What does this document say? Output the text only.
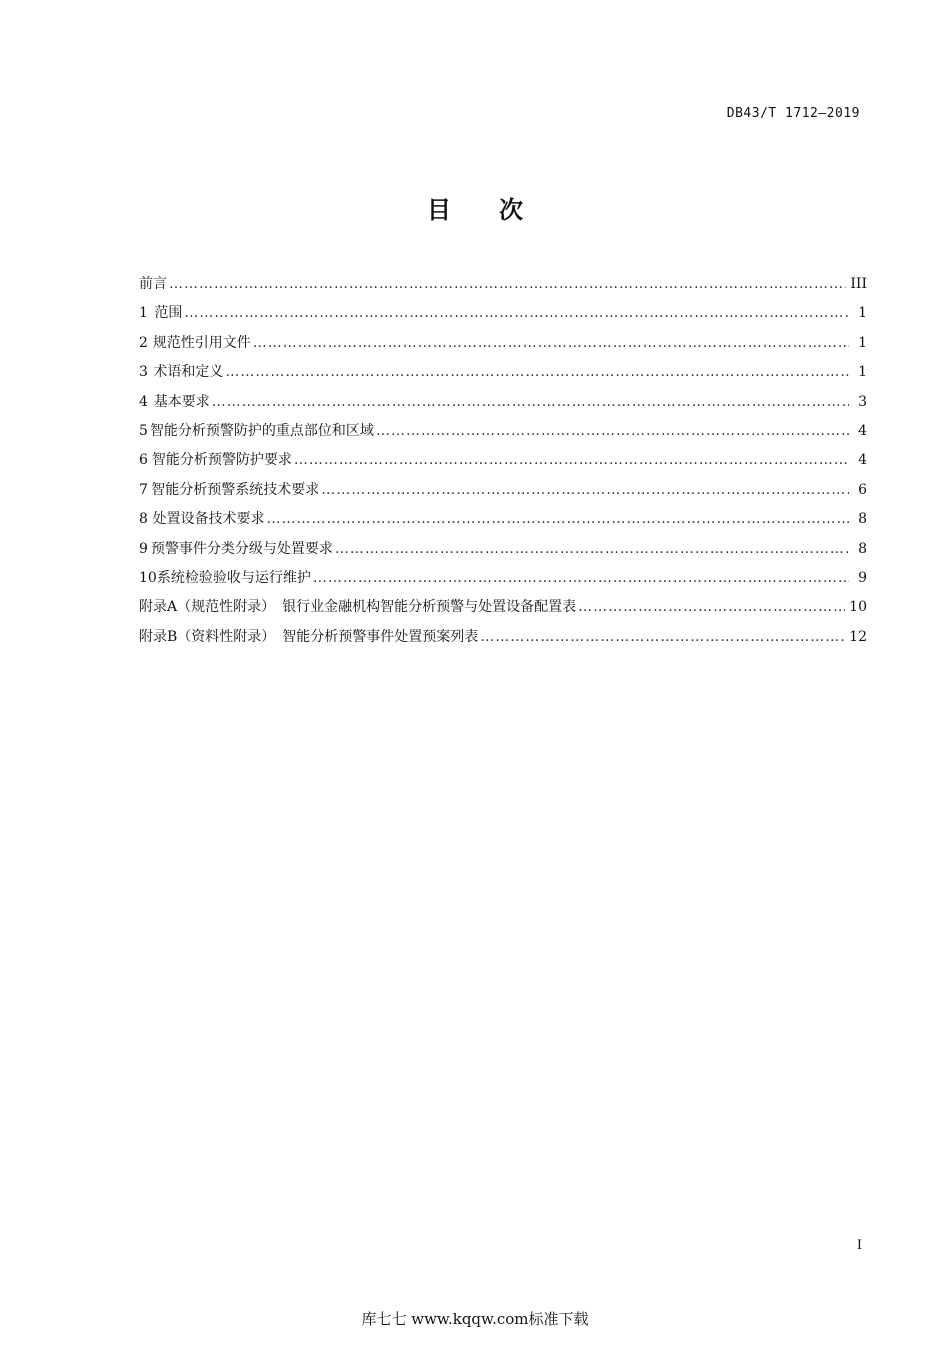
DB43/T 1712—2019
目　　次
前言 ………………………………………………………………………………………………………………………………………………………………………………………………………	III
1 范围 ………………………………………………………………………………………………………………………………………………………………………………………………………	1
2 规范性引用文件 ………………………………………………………………………………………………………………………………………………………………………………………………………	1
3 术语和定义 ………………………………………………………………………………………………………………………………………………………………………………………………………	1
4 基本要求 ………………………………………………………………………………………………………………………………………………………………………………………………………	3
5 智能分析预警防护的重点部位和区域 ………………………………………………………………………………………………………………………………………………………………………………………………………	4
6 智能分析预警防护要求 ………………………………………………………………………………………………………………………………………………………………………………………………………	4
7 智能分析预警系统技术要求 ………………………………………………………………………………………………………………………………………………………………………………………………………	6
8 处置设备技术要求 ………………………………………………………………………………………………………………………………………………………………………………………………………	8
9 预警事件分类分级与处置要求 ………………………………………………………………………………………………………………………………………………………………………………………………………	8
10 系统检验验收与运行维护 ………………………………………………………………………………………………………………………………………………………………………………………………………	9
附录A（规范性附录）　银行业金融机构智能分析预警与处置设备配置表 ………………………………………………………………………………………………………………………………………………………………………………………………………	10
附录B（资料性附录）　智能分析预警事件处置预案列表 ………………………………………………………………………………………………………………………………………………………………………………………………………	12
I
库七七 www.kqqw.com标准下载
